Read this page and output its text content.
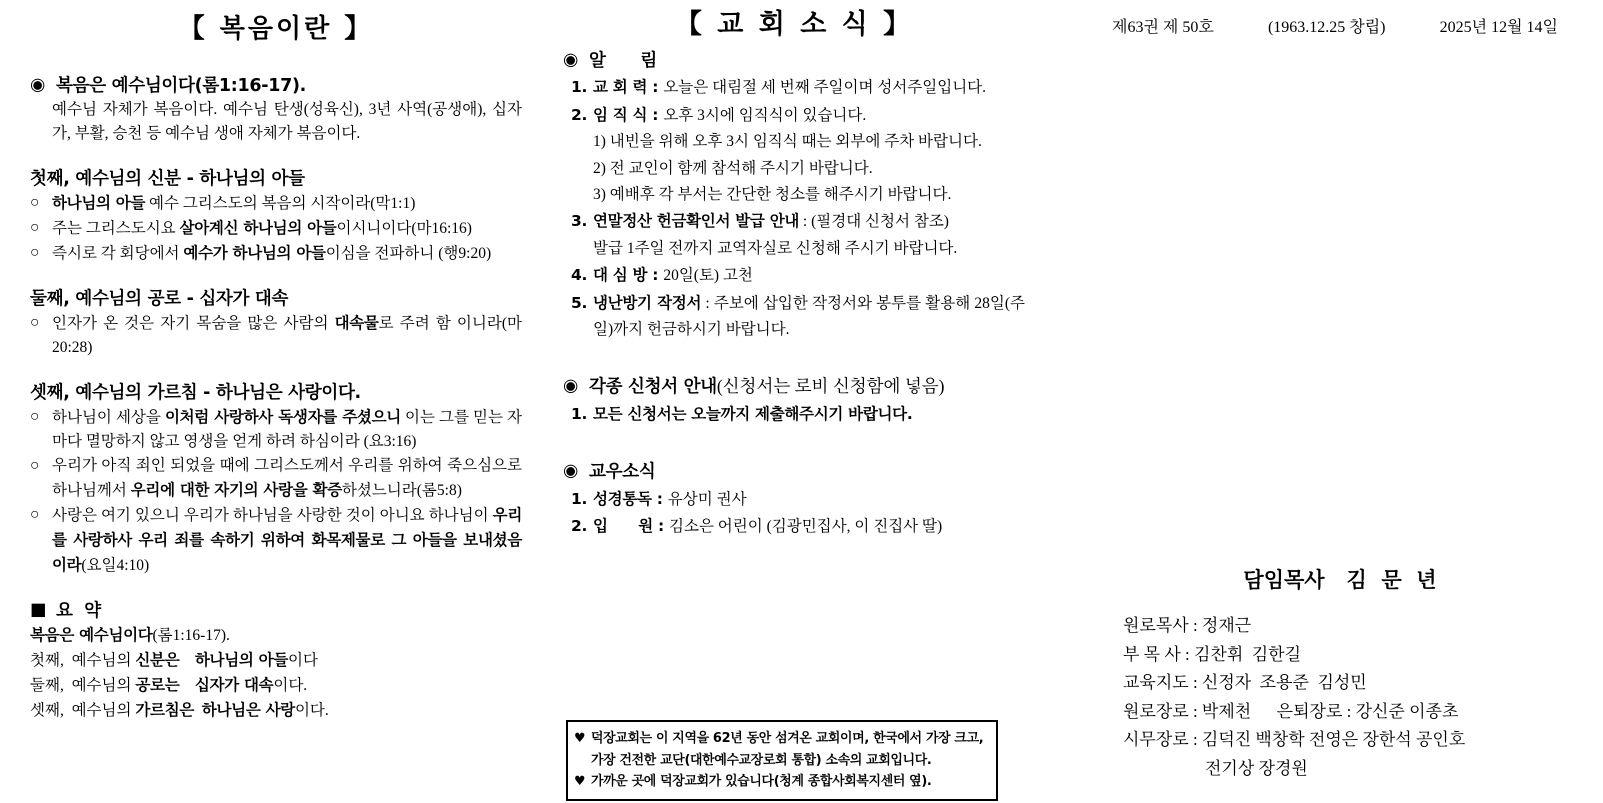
【 복음이란 】
◉ 복음은 예수님이다(롬1:16-17).
예수님 자체가 복음이다. 예수님 탄생(성육신), 3년 사역(공생애), 십자가, 부활, 승천 등 예수님 생애 자체가 복음이다.
첫째, 예수님의 신분 - 하나님의 아들
○ 하나님의 아들 예수 그리스도의 복음의 시작이라(막1:1)
○ 주는 그리스도시요 살아계신 하나님의 아들이시니이다(마16:16)
○ 즉시로 각 회당에서 예수가 하나님의 아들이심을 전파하니 (행9:20)
둘째, 예수님의 공로 - 십자가 대속
○ 인자가 온 것은 자기 목숨을 많은 사람의 대속물로 주려 함 이니라(마20:28)
셋째, 예수님의 가르침 - 하나님은 사랑이다.
○ 하나님이 세상을 이처럼 사랑하사 독생자를 주셨으니 이는 그를 믿는 자마다 멸망하지 않고 영생을 얻게 하려 하심이라 (요3:16)
○ 우리가 아직 죄인 되었을 때에 그리스도께서 우리를 위하여 죽으심으로   하나님께서 우리에 대한 자기의 사랑을 확증하셨느니라(롬5:8)
○ 사랑은 여기 있으니 우리가 하나님을 사랑한 것이 아니요 하나님이 우리를 사랑하사 우리 죄를 속하기 위하여 화목제물로 그 아들을 보내셨음이라(요일4:10)
■ 요  약
복음은 예수님이다(롬1:16-17).
첫째,  예수님의 신분은 하나님의 아들이다
둘째,  예수님의 공로는 십자가 대속이다.
셋째,  예수님의 가르침은 하나님은 사랑이다.
【 교 회 소 식 】
◉ 알      림
1. 교 회 력 : 오늘은 대림절 세 번째 주일이며 성서주일입니다.
2. 임 직 식 : 오후 3시에 임직식이 있습니다.
1) 내빈을 위해 오후 3시 임직식 때는 외부에 주차 바랍니다.
2) 전 교인이 함께 참석해 주시기 바랍니다.
3) 예배후 각 부서는 간단한 청소를 해주시기 바랍니다.
3. 연말정산 헌금확인서 발급 안내 : (필경대 신청서 참조)
발급 1주일 전까지 교역자실로 신청해 주시기 바랍니다.
4. 대 심 방 : 20일(토) 고천
5. 냉난방기 작정서 : 주보에 삽입한 작정서와 봉투를 활용해 28일(주일)까지 헌금하시기 바랍니다.
◉ 각종 신청서 안내(신청서는 로비 신청함에 넣음)
1. 모든 신청서는 오늘까지 제출해주시기 바랍니다.
◉ 교우소식
1. 성경통독 : 유상미 권사
2. 입      원 : 김소은 어린이 (김광민집사, 이 진집사 딸)
제63권 제 50호	(1963.12.25 창립)	2025년 12월 14일
♥ 덕장교회는 이 지역을 62년 동안 섬겨온 교회이며, 한국에서 가장 크고,
가장 건전한 교단(대한예수교장로회 통합) 소속의 교회입니다.
♥ 가까운 곳에 덕장교회가 있습니다(청계 종합사회복지센터 옆).
담임목사   김  문  년
원로목사 : 정재근
부 목 사 : 김찬휘  김한길
교육지도 : 신정자  조용준  김성민
원로장로 : 박제천      은퇴장로 : 강신준 이종초
시무장로 : 김덕진 백창학 전영은 장한석 공인호
전기상 장경원
